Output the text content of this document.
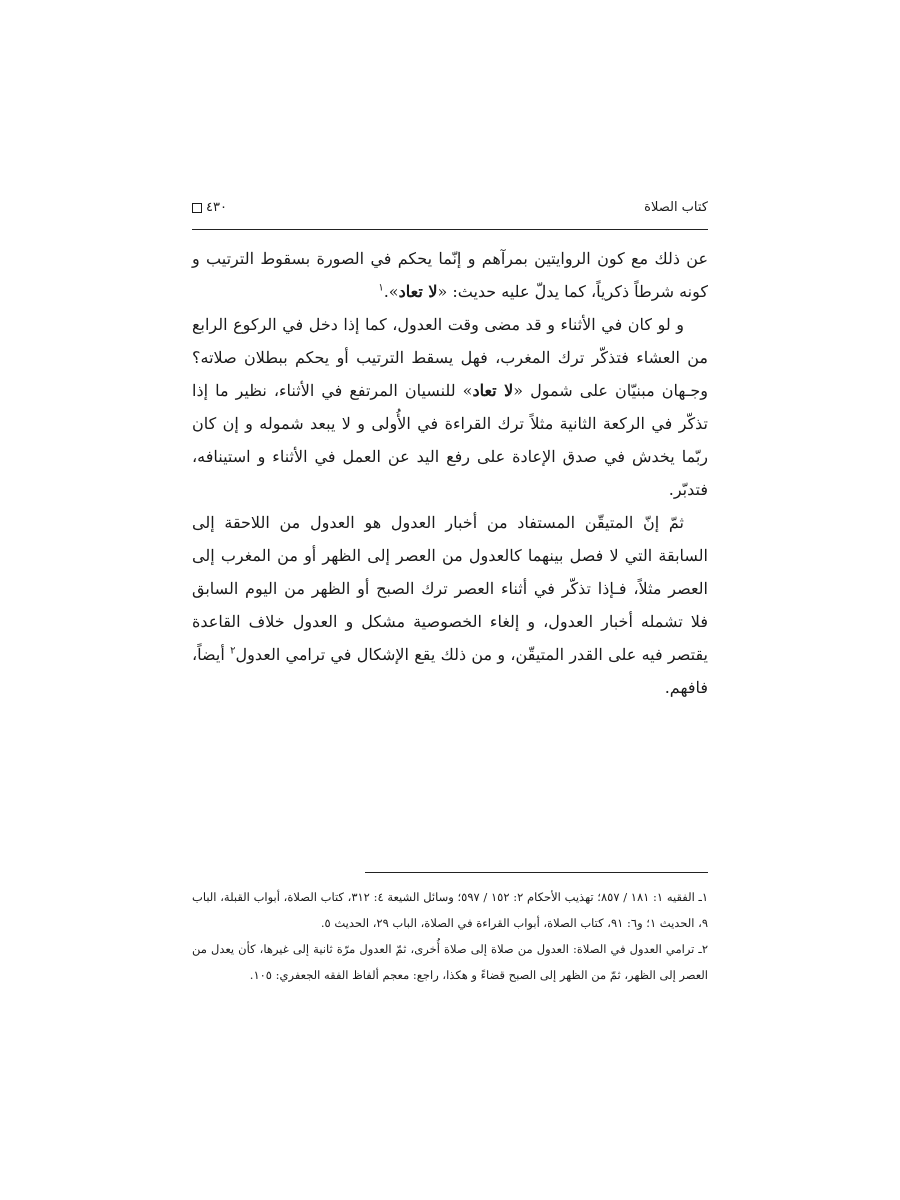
كتاب الصلاة
٤٣٠

عن ذلك مع كون الروايتين بمرآهم و إنّما يحكم في الصورة بسقوط الترتيب و كونه شرطاً ذكرياً، كما يدلّ عليه حديث: «لا تعاد».$^١$

و لو كان في الأثناء و قد مضى وقت العدول، كما إذا دخل في الركوع الرابع من العشاء فتذكّر ترك المغرب، فهل يسقط الترتيب أو يحكم ببطلان صلاته؟ وجـهان مبنيّان على شمول «لا تعاد» للنسيان المرتفع في الأثناء، نظير ما إذا تذكّر في الركعة الثانية مثلاً ترك القراءة في الأُولى و لا يبعد شموله و إن كان ربّما يخدش في صدق الإعادة على رفع اليد عن العمل في الأثناء و استينافه، فتدبّر.

ثمّ إنّ المتيقّن المستفاد من أخبار العدول هو العدول من اللاحقة إلى السابقة التي لا فصل بينهما كالعدول من العصر إلى الظهر أو من المغرب إلى العصر مثلاً، فـإذا تذكّر في أثناء العصر ترك الصبح أو الظهر من اليوم السابق فلا تشمله أخبار العدول، و إلغاء الخصوصية مشكل و العدول خلاف القاعدة يقتصر فيه على القدر المتيقّن، و من ذلك يقع الإشكال في ترامي العدول$^٢$ أيضاً، فافهم.

١ـ الفقيه ١: ١٨١ / ٨٥٧؛ تهذيب الأحكام ٢: ١٥٢ / ٥٩٧؛ وسائل الشيعة ٤: ٣١٢، كتاب الصلاة، أبواب القبلة، الباب ٩، الحديث ١؛ و٦: ٩١، كتاب الصلاة، أبواب القراءة في الصلاة، الباب ٢٩، الحديث ٥.

٢ـ ترامي العدول في الصلاة: العدول من صلاة إلى صلاة أُخرى، ثمّ العدول مرّة ثانية إلى غيرها، كأن يعدل من العصر إلى الظهر، ثمّ من الظهر إلى الصبح قضاءً و هكذا، راجع: معجم ألفاظ الفقه الجعفري: ١٠٥.
